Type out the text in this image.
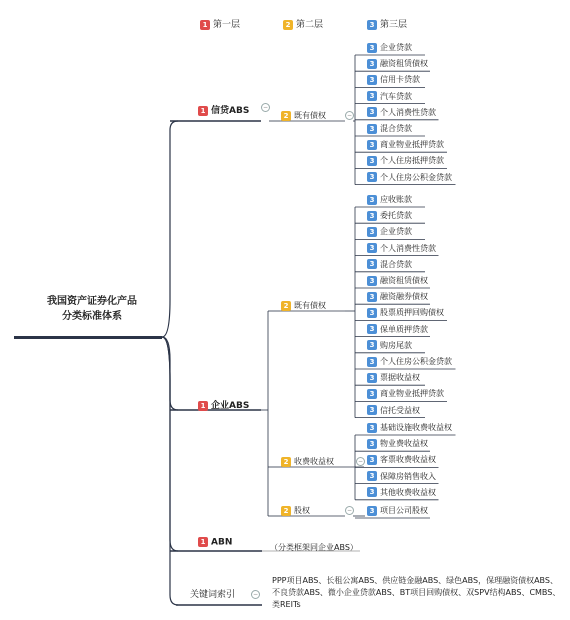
1 第一层	2 第二层	3 第三层
我国资产证券化产品
分类标准体系
1 信贷ABS	−
1 企业ABS
1 ABN	（分类框架同企业ABS）
2 既有债权	−
2 既有债权
2 收费收益权	−
2 股权	−
3 企业贷款
3 融资租赁债权
3 信用卡贷款
3 汽车贷款
3 个人消费性贷款
3 混合贷款
3 商业物业抵押贷款
3 个人住房抵押贷款
3 个人住房公积金贷款
3 应收账款
3 委托贷款
3 企业贷款
3 个人消费性贷款
3 混合贷款
3 融资租赁债权
3 融资融券债权
3 股票质押回购债权
3 保单质押贷款
3 购房尾款
3 个人住房公积金贷款
3 票据收益权
3 商业物业抵押贷款
3 信托受益权
3 基础设施收费收益权
3 物业费收益权
3 客票收费收益权
3 保障房销售收入
3 其他收费收益权
3 项目公司股权
关键词索引	−
PPP项目ABS、长租公寓ABS、供应链金融ABS、绿色ABS，保理融资债权ABS、不良贷款ABS、微小企业贷款ABS、BT项目回购债权、双SPV结构ABS、CMBS、类REITs
